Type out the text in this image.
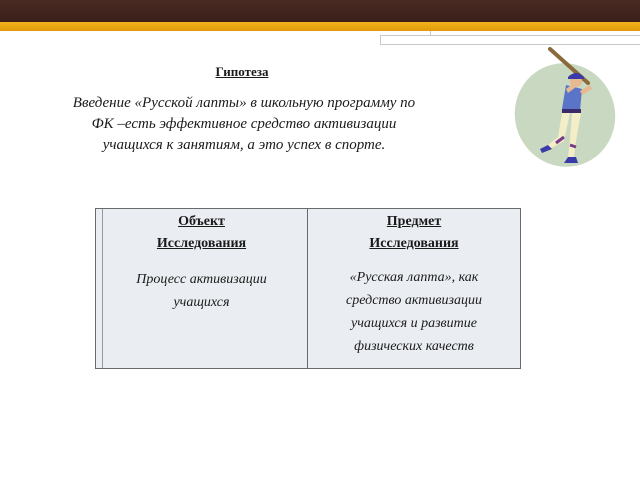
Гипотеза
Введение «Русской лапты» в школьную программу по
ФК –есть эффективное средство активизации
учащихся к занятиям, а это успех в спорте.
Объект
Исследования
Процесс активизации
учащихся
Предмет
Исследования
«Русская лапта», как
средство активизации
учащихся и развитие
физических качеств
